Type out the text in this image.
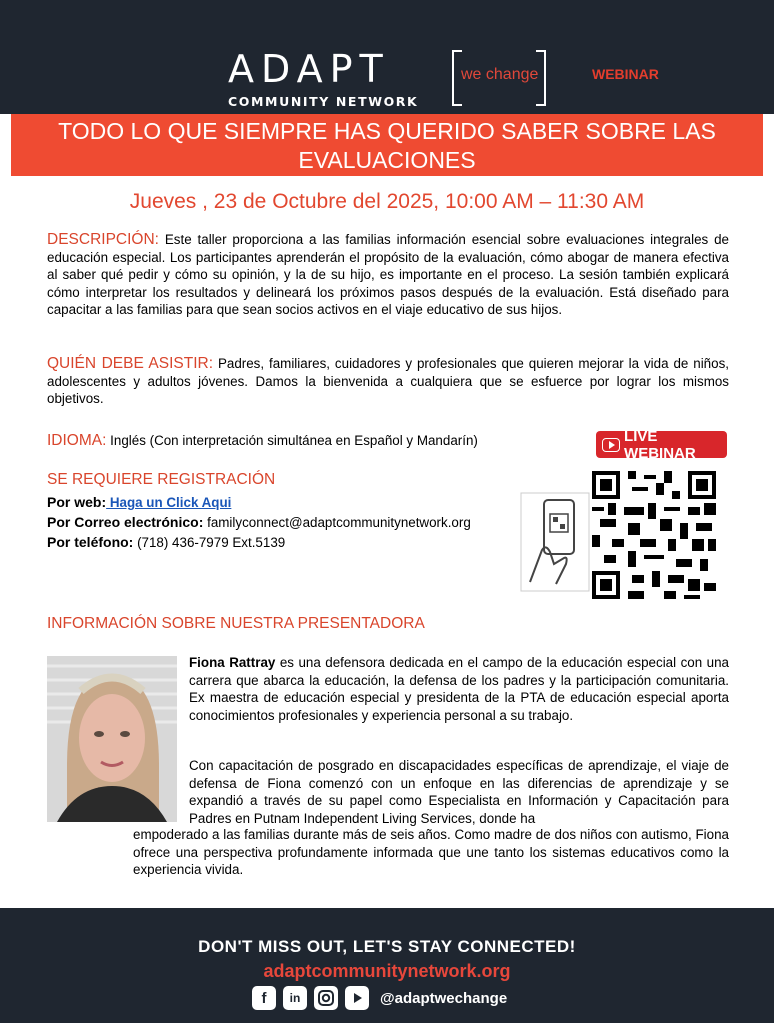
ADAPT
COMMUNITY NETWORK
we change	WEBINAR
TODO LO QUE SIEMPRE HAS QUERIDO SABER SOBRE LAS
EVALUACIONES
Jueves , 23 de Octubre del 2025, 10:00 AM – 11:30 AM
DESCRIPCIÓN: Este taller proporciona a las familias información esencial sobre evaluaciones integrales de educación especial. Los participantes aprenderán el propósito de la evaluación, cómo abogar de manera efectiva al saber qué pedir y cómo su opinión, y la de su hijo, es importante en el proceso. La sesión también explicará cómo interpretar los resultados y delineará los próximos pasos después de la evaluación. Está diseñado para capacitar a las familias para que sean socios activos en el viaje educativo de sus hijos.
QUIÉN DEBE ASISTIR: Padres, familiares, cuidadores y profesionales que quieren mejorar la vida de niños, adolescentes y adultos jóvenes. Damos la bienvenida a cualquiera que se esfuerce por lograr los mismos objetivos.
IDIOMA: Inglés (Con interpretación simultánea en Español y Mandarín)	LIVE WEBINAR
SE REQUIERE REGISTRACIÓN
Por web: Haga un Click Aqui
Por Correo electrónico: familyconnect@adaptcommunitynetwork.org
Por teléfono: (718) 436-7979 Ext.5139
INFORMACIÓN SOBRE NUESTRA PRESENTADORA
Fiona Rattray es una defensora dedicada en el campo de la educación especial con una carrera que abarca la educación, la defensa de los padres y la participación comunitaria. Ex maestra de educación especial y presidenta de la PTA de educación especial aporta conocimientos profesionales y experiencia personal a su trabajo.
Con capacitación de posgrado en discapacidades específicas de aprendizaje, el viaje de defensa de Fiona comenzó con un enfoque en las diferencias de aprendizaje y se expandió a través de su papel como Especialista en Información y Capacitación para Padres en Putnam Independent Living Services, donde ha
empoderado a las familias durante más de seis años. Como madre de dos niños con autismo, Fiona ofrece una perspectiva profundamente informada que une tanto los sistemas educativos como la experiencia vivida.
DON'T MISS OUT, LET'S STAY CONNECTED!
adaptcommunitynetwork.org
f	in	@adaptwechange
